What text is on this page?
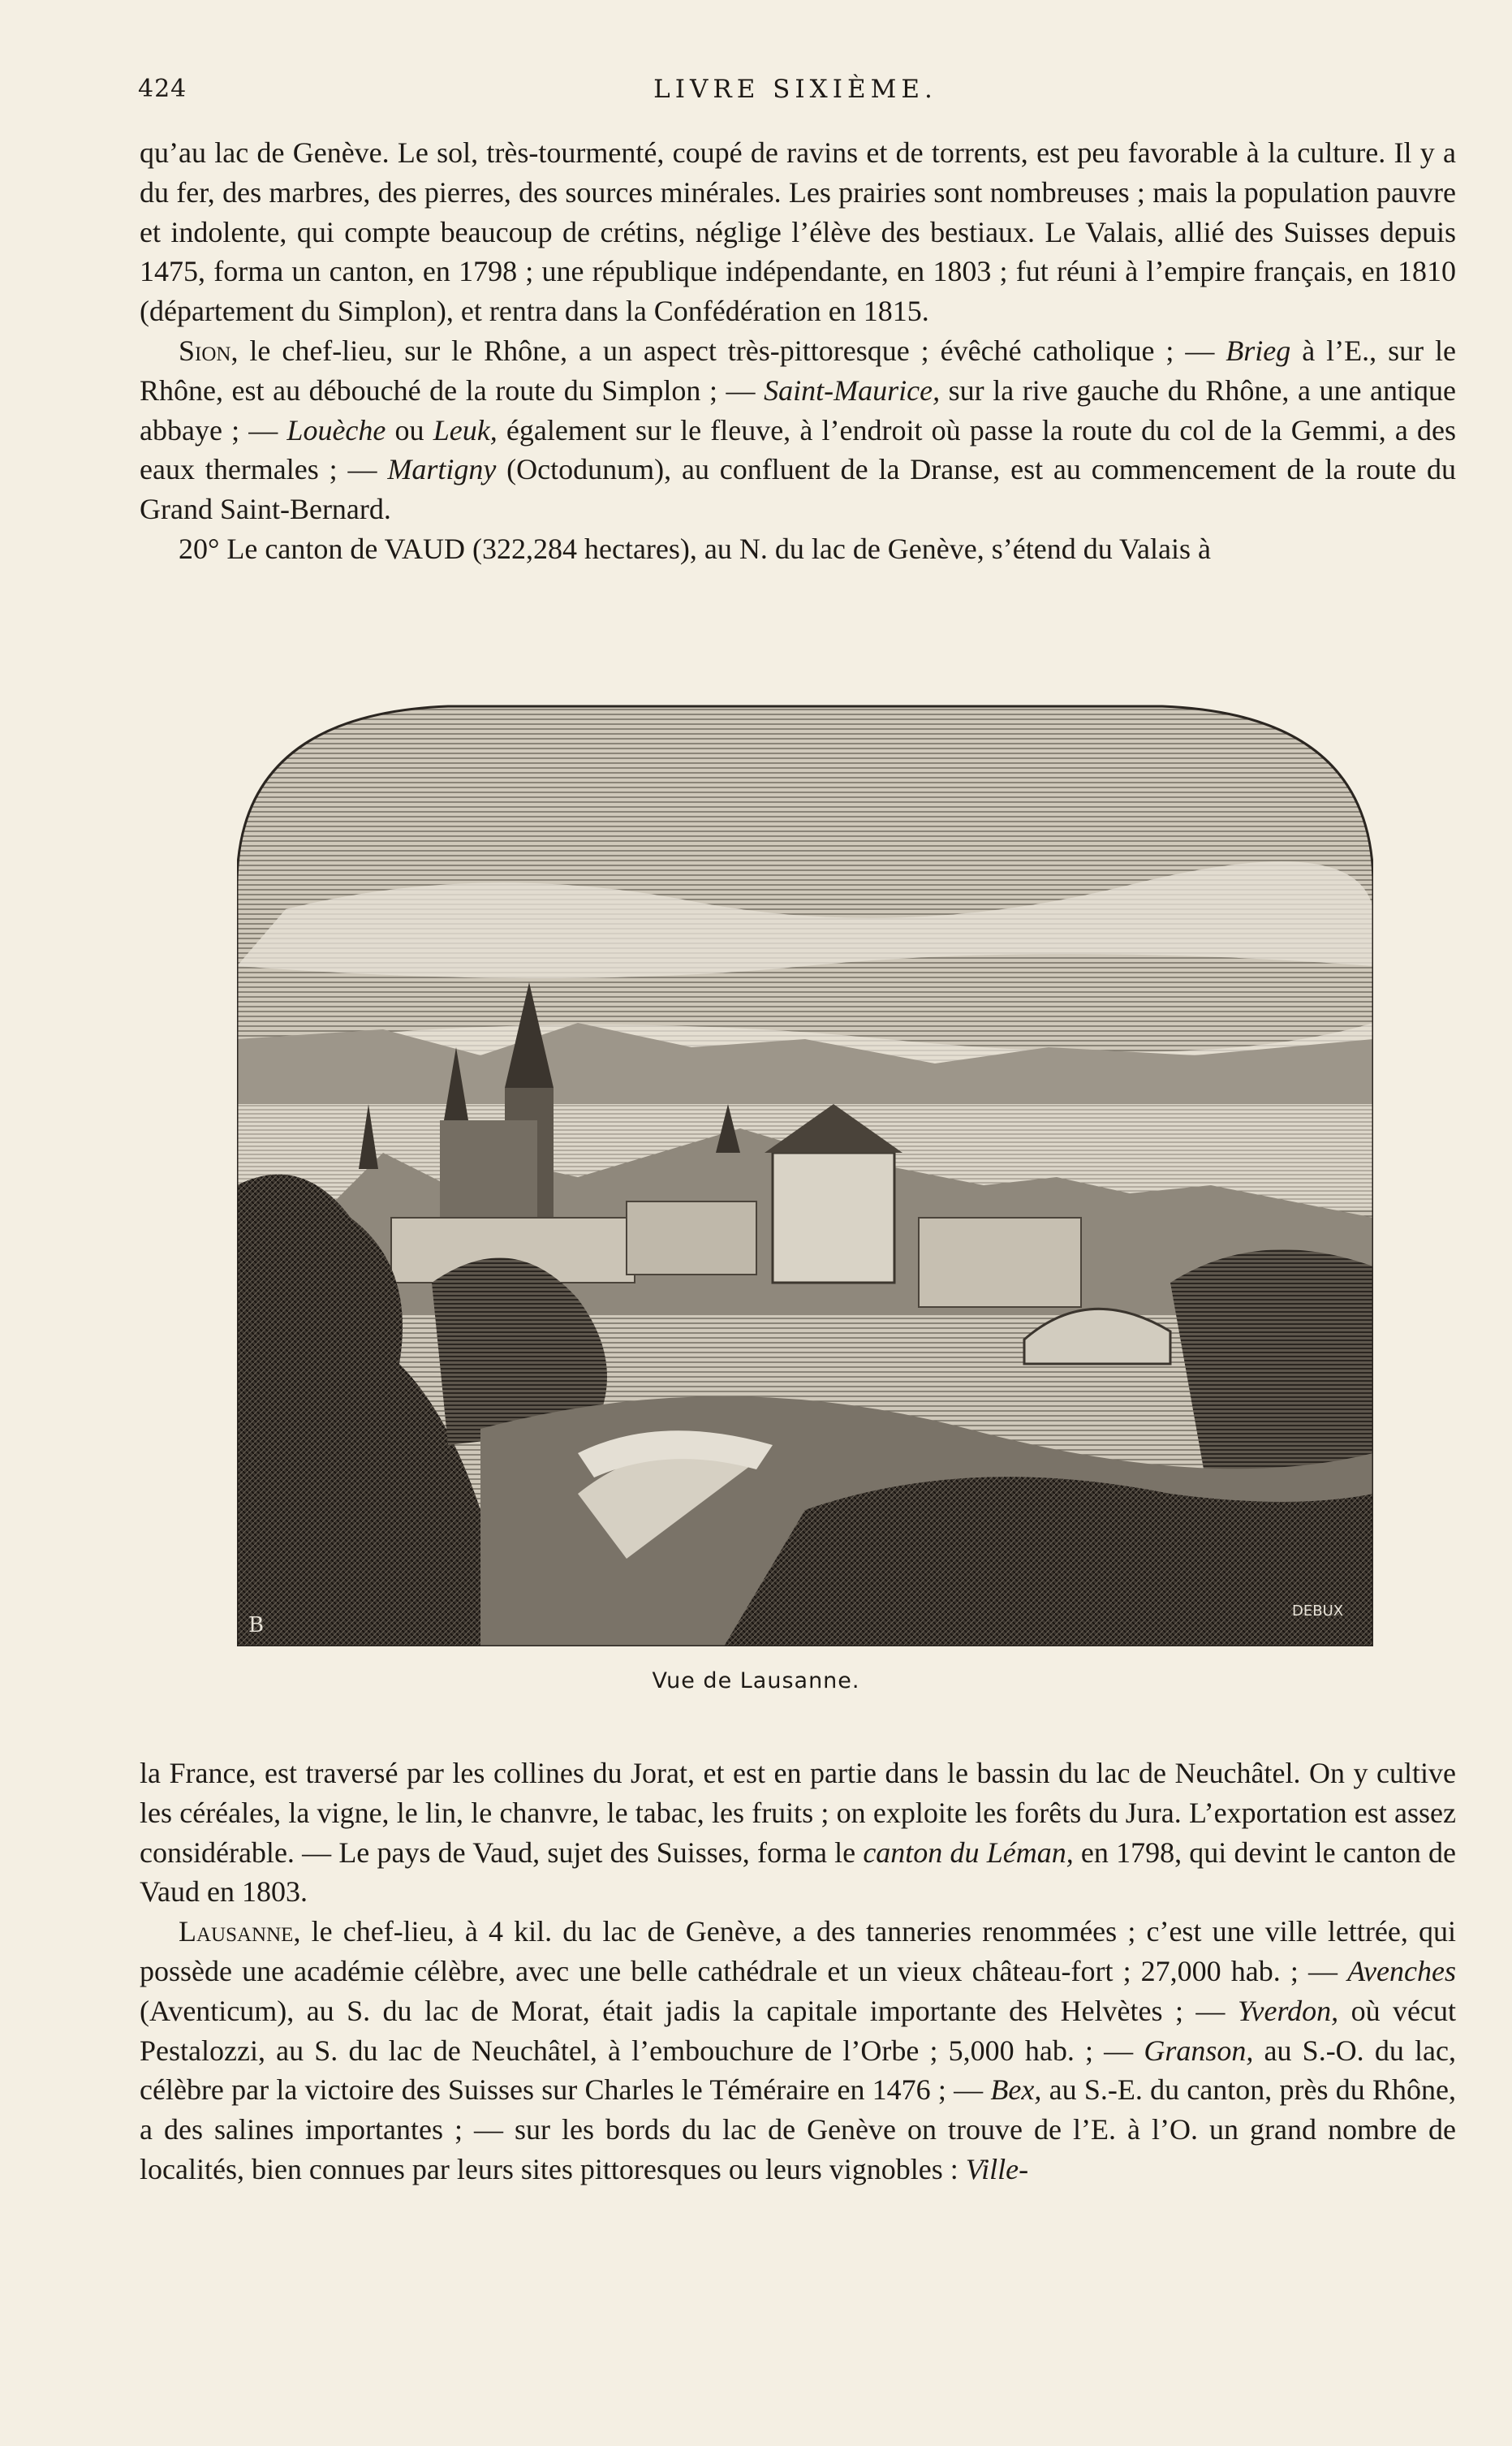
424	LIVRE SIXIÈME.

qu’au lac de Genève. Le sol, très-tourmenté, coupé de ravins et de torrents, est peu favorable à la culture. Il y a du fer, des marbres, des pierres, des sources minérales. Les prairies sont nombreuses ; mais la population pauvre et indolente, qui compte beaucoup de crétins, néglige l’élève des bestiaux. Le Valais, allié des Suisses depuis 1475, forma un canton, en 1798 ; une république indépendante, en 1803 ; fut réuni à l’empire français, en 1810 (département du Simplon), et rentra dans la Confédération en 1815.

Sion, le chef-lieu, sur le Rhône, a un aspect très-pittoresque ; évêché catholique ; — Brieg à l’E., sur le Rhône, est au débouché de la route du Simplon ; — Saint-Maurice, sur la rive gauche du Rhône, a une antique abbaye ; — Louèche ou Leuk, également sur le fleuve, à l’endroit où passe la route du col de la Gemmi, a des eaux thermales ; — Martigny (Octodunum), au confluent de la Dranse, est au commencement de la route du Grand Saint-Bernard.

20° Le canton de VAUD (322,284 hectares), au N. du lac de Genève, s’étend du Valais à

B
DEBUX
Vue de Lausanne.

la France, est traversé par les collines du Jorat, et est en partie dans le bassin du lac de Neuchâtel. On y cultive les céréales, la vigne, le lin, le chanvre, le tabac, les fruits ; on exploite les forêts du Jura. L’exportation est assez considérable. — Le pays de Vaud, sujet des Suisses, forma le canton du Léman, en 1798, qui devint le canton de Vaud en 1803.

Lausanne, le chef-lieu, à 4 kil. du lac de Genève, a des tanneries renommées ; c’est une ville lettrée, qui possède une académie célèbre, avec une belle cathédrale et un vieux château-fort ; 27,000 hab. ; — Avenches (Aventicum), au S. du lac de Morat, était jadis la capitale importante des Helvètes ; — Yverdon, où vécut Pestalozzi, au S. du lac de Neuchâtel, à l’embouchure de l’Orbe ; 5,000 hab. ; — Granson, au S.-O. du lac, célèbre par la victoire des Suisses sur Charles le Téméraire en 1476 ; — Bex, au S.-E. du canton, près du Rhône, a des salines importantes ; — sur les bords du lac de Genève on trouve de l’E. à l’O. un grand nombre de localités, bien connues par leurs sites pittoresques ou leurs vignobles : Ville-
